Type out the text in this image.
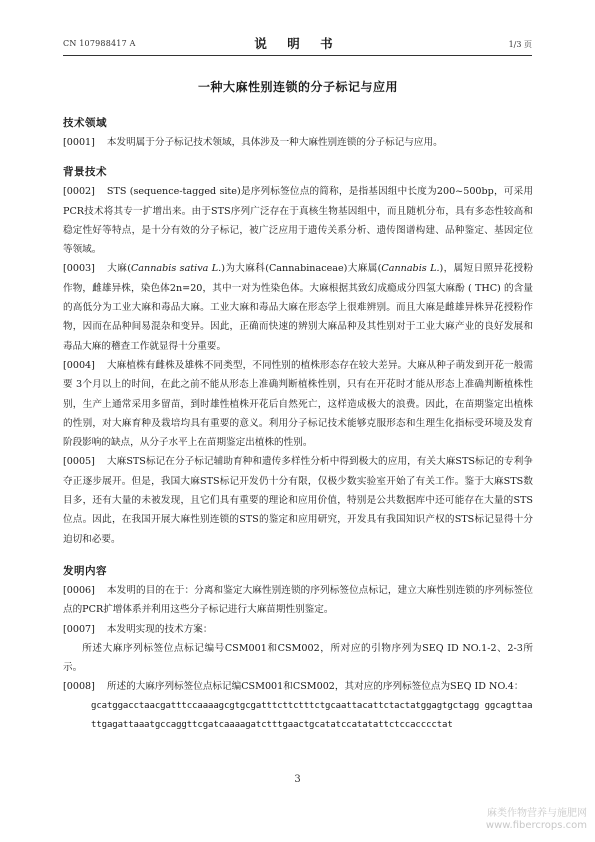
CN 107988417 A	说 明 书	1/3 页
一种大麻性别连锁的分子标记与应用
技术领域

[0001] 本发明属于分子标记技术领域，具体涉及一种大麻性别连锁的分子标记与应用。

背景技术

[0002] STS (sequence-tagged site)是序列标签位点的简称，是指基因组中长度为200~500bp，可采用PCR技术将其专一扩增出来。由于STS序列广泛存在于真核生物基因组中，而且随机分布，具有多态性较高和稳定性好等特点，是十分有效的分子标记，被广泛应用于遗传关系分析、遗传图谱构建、品种鉴定、基因定位等领域。

[0003] 大麻(Cannabis sativa L.)为大麻科(Cannabinaceae)大麻属(Cannabis L.)，属短日照异花授粉作物，雌雄异株，染色体2n=20，其中一对为性染色体。大麻根据其致幻成瘾成分四氢大麻酚 ( THC) 的含量的高低分为工业大麻和毒品大麻。工业大麻和毒品大麻在形态学上很难辨别。而且大麻是雌雄异株异花授粉作物，因而在品种间易混杂和变异。因此，正确而快速的辨别大麻品种及其性别对于工业大麻产业的良好发展和毒品大麻的稽查工作就显得十分重要。

[0004] 大麻植株有雌株及雄株不同类型，不同性别的植株形态存在较大差异。大麻从种子萌发到开花一般需要 3个月以上的时间，在此之前不能从形态上准确判断植株性别，只有在开花时才能从形态上准确判断植株性别，生产上通常采用多留苗，到时雄性植株开花后自然死亡，这样造成极大的浪费。因此，在苗期鉴定出植株的性别，对大麻育种及栽培均具有重要的意义。利用分子标记技术能够克服形态和生理生化指标受环境及发育阶段影响的缺点，从分子水平上在苗期鉴定出植株的性别。

[0005] 大麻STS标记在分子标记辅助育种和遗传多样性分析中得到极大的应用，有关大麻STS标记的专利争夺正逐步展开。但是，我国大麻STS标记开发仍十分有限，仅极少数实验室开始了有关工作。鉴于大麻STS数目多，还有大量的未被发现，且它们具有重要的理论和应用价值，特别是公共数据库中还可能存在大量的STS位点。因此，在我国开展大麻性别连锁的STS的鉴定和应用研究，开发具有我国知识产权的STS标记显得十分迫切和必要。

发明内容

[0006] 本发明的目的在于：分离和鉴定大麻性别连锁的序列标签位点标记，建立大麻性别连锁的序列标签位点的PCR扩增体系并利用这些分子标记进行大麻苗期性别鉴定。

[0007] 本发明实现的技术方案：

所述大麻序列标签位点标记编号CSM001和CSM002，所对应的引物序列为SEQ ID NO.1-2、2-3所示。

[0008] 所述的大麻序列标签位点标记编CSM001和CSM002，其对应的序列标签位点为SEQ ID NO.4：

gcatggacctaacgatttccaaaagcgtgcgatttcttctttctgcaattacattctactatggagtgctagg ggcagttaattgagattaaatgccaggttcgatcaaaagatctttgaactgcatatccatatattctccacccctat
3
麻类作物营养与施肥网
www.fibercrops.com
